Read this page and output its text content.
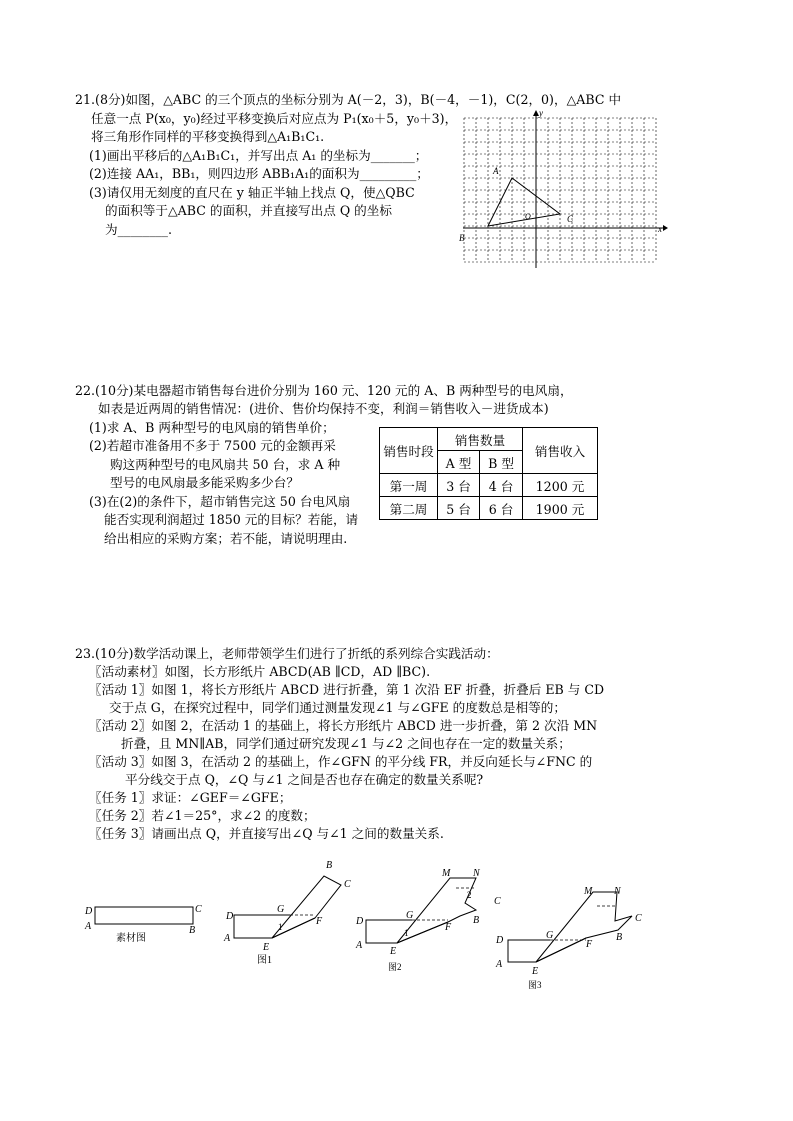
21.(8分)如图，△ABC 的三个顶点的坐标分别为 A(－2，3)，B(－4，－1)，C(2，0)，△ABC 中
任意一点 P(x₀，y₀)经过平移变换后对应点为 P₁(x₀＋5，y₀＋3)，
将三角形作同样的平移变换得到△A₁B₁C₁.
(1)画出平移后的△A₁B₁C₁，并写出点 A₁ 的坐标为_______；
(2)连接 AA₁，BB₁，则四边形 ABB₁A₁的面积为_________；
(3)请仅用无刻度的直尺在 y 轴正半轴上找点 Q，使△QBC
的面积等于△ABC 的面积，并直接写出点 Q 的坐标
为________.
A
B
C
O
x
y
22.(10分)某电器超市销售每台进价分别为 160 元、120 元的 A、B 两种型号的电风扇，
如表是近两周的销售情况：(进价、售价均保持不变，利润＝销售收入－进货成本)
(1)求 A、B 两种型号的电风扇的销售单价；
(2)若超市准备用不多于 7500 元的金额再采
购这两种型号的电风扇共 50 台，求 A 种
型号的电风扇最多能采购多少台？
(3)在(2)的条件下，超市销售完这 50 台电风扇
能否实现利润超过 1850 元的目标？若能，请
给出相应的采购方案；若不能，请说明理由.
销售时段	销售数量		销售收入
	A 型	B 型	
第一周	3 台	4 台	1200 元
第二周	5 台	6 台	1900 元
23.(10分)数学活动课上，老师带领学生们进行了折纸的系列综合实践活动：
〖活动素材〗如图，长方形纸片 ABCD(AB ∥CD，AD ∥BC).
〖活动 1〗如图 1，将长方形纸片 ABCD 进行折叠，第 1 次沿 EF 折叠，折叠后 EB 与 CD
交于点 G，在探究过程中，同学们通过测量发现∠1 与∠GFE 的度数总是相等的；
〖活动 2〗如图 2，在活动 1 的基础上，将长方形纸片 ABCD 进一步折叠，第 2 次沿 MN
折叠，且 MN∥AB，同学们通过研究发现∠1 与∠2 之间也存在一定的数量关系；
〖活动 3〗如图 3，在活动 2 的基础上，作∠GFN 的平分线 FR，并反向延长与∠FNC 的
平分线交于点 Q，∠Q 与∠1 之间是否也存在确定的数量关系呢?
〖任务 1〗求证：∠GEF＝∠GFE；
〖任务 2〗若∠1＝25°，求∠2 的度数；
〖任务 3〗请画出点 Q，并直接写出∠Q 与∠1 之间的数量关系.
D
A
C
B
素材图
D
A
B
C
G
F
E
1
图1
D
A
M N
2
C
B
G
F
E
1
图2
D
A
M N
C
B
G
F
E
图3
